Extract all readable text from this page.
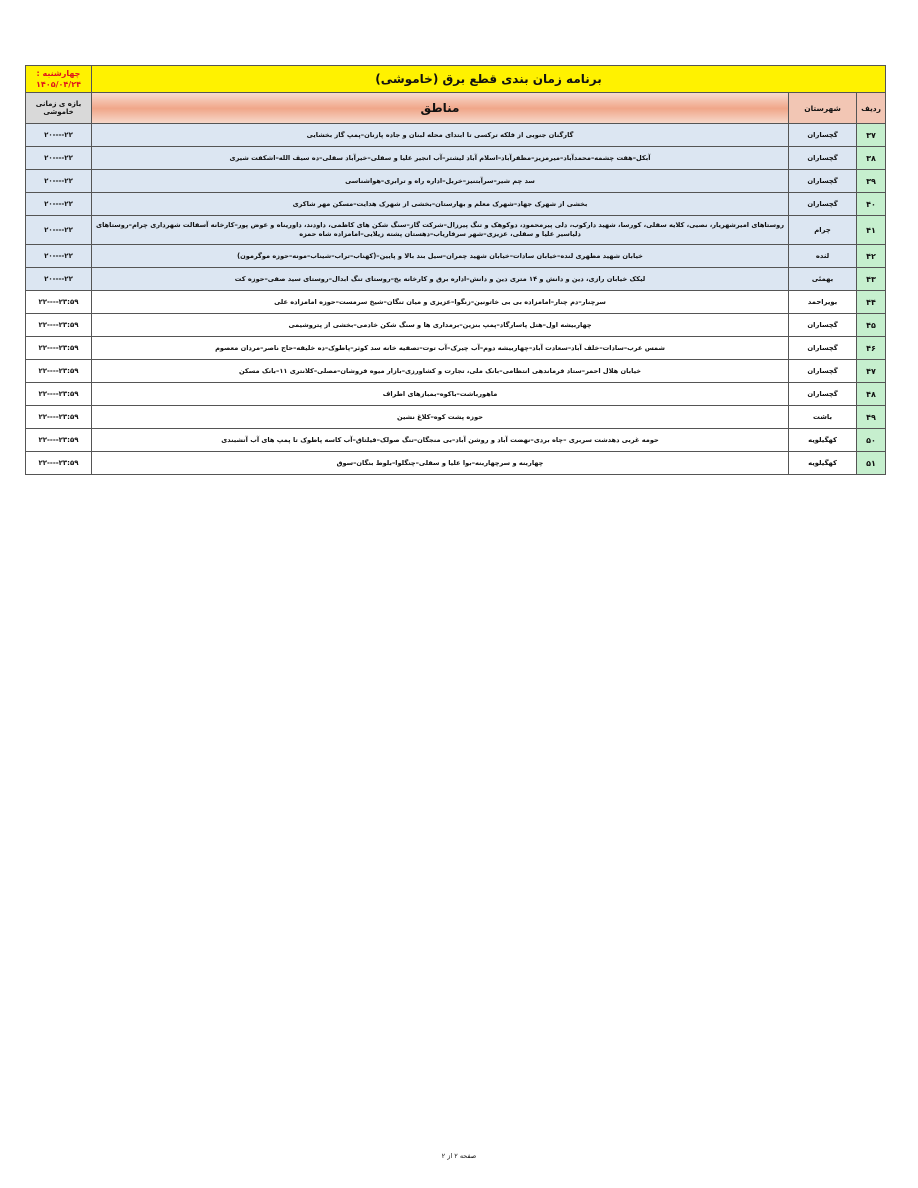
برنامه زمان بندی قطع برق (خاموشی)			چهارشنبه :
۱۴۰۵/۰۴/۲۴

ردیف	شهرستان	مناطق	بازه ی زمانی خاموشی
۳۷	گچساران	گارگنان جنوبی از فلکه ترکسی تا ابتدای محله لبنان و جاده پازنان–پمپ گاز بخشایی	۲۰----۲۲
۳۸	گچساران	آبکل–هفت چشمه–محمدآباد–میرمزیز–مظفرآباد–اسلام آباد لیشتر–آب انجیر علیا و سفلی–خیرآباد سفلی–ده سیف الله–اشکفت شیری	۲۰----۲۲
۳۹	گچساران	سد چم شیر–سرآبتنیز–خربل–اداره راه و ترابری–هواشناسی	۲۰----۲۲
۴۰	گچساران	بخشی از شهرک جهاد–شهرک معلم و بهارستان–بخشی از شهرک هدایت–مسکن مهر شاکری	۲۰----۲۲
۴۱	چرام	روستاهای امیرشهریار، نصیی، کلایه سفلی، کورسا، شهید دارکوب، دلی پیرمحمود، دوکوهک و تنگ پیرزال–شرکت گاز–سنگ شکن های کاظمی، داودند، داوریناه و عوض پور–کارخانه آسفالت شهرداری چرام–روستاهای دلیاسیر علیا و سفلی، عزیزی–شهر سرفاریاب–دهستان پشته زیلایی–امامزاده شاه حمزه	۲۰----۲۲
۴۲	لنده	خیابان شهید مطهری لنده–خیابان سادات–خیابان شهید چمران–سیل بند بالا و پایین–(کهناب–تراب–شیناب–مونه–حوزه موگرمون)	۲۰----۲۲
۴۳	بهمئی	لیکک خیابان رازی، دین و دانش و ۱۴ متری دین و دانش–اداره برق و کارخانه یخ–روستای تنگ ابدال–روستای سید صفی–حوزه کت	۲۰----۲۲
۴۴	بویراحمد	سرچنار–دم چنار–امامزاده بی بی خاتونین–زنگوا–عزیزی و میان تنگان–شیخ سرمست–حوزه امامزاده علی	۲۲----۲۳:۵۹
۴۵	گچساران	چهاربیشه اول–هتل پاسارگاد–پمپ بنزین–برمداری ها و سنگ شکن خادمی–بخشی از پتروشیمی	۲۲----۲۳:۵۹
۴۶	گچساران	شمس عرب–سادات–خلف آباد–سعادت آباد–چهاربیشه دوم–آب چیرک–آب توت–تصفیه خانه سد کوثر–پاطوک–ده خلیفه–حاج ناصر–مردان معصوم	۲۲----۲۳:۵۹
۴۷	گچساران	خیابان هلال احمر–ستاد فرماندهی انتظامی–بانک ملی، تجارت و کشاورزی–بازار میوه فروشان–مصلی–کلانتری ۱۱–بانک مسکن	۲۲----۲۳:۵۹
۴۸	گچساران	ماهورباشت–باکوه–بمبازهای اطراف	۲۲----۲۳:۵۹
۴۹	باشت	حوزه پشت کوه–کلاغ نشین	۲۲----۲۳:۵۹
۵۰	کهگیلویه	حومه غربی دهدشت سربری –چاه بردی–نهضت آباد و روشن آباد–بی منجگان–تنگ صولک–قیلتاق–آب کاسه پاطوک تا پمپ های آب آتشبندی	۲۲----۲۳:۵۹
۵۱	کهگیلویه	چهاربنه و سرچهاربنه–بوا علیا و سفلی–چنگلوا–بلوط بنگان–سوق	۲۲----۲۳:۵۹
صفحه ۲ از ۲
